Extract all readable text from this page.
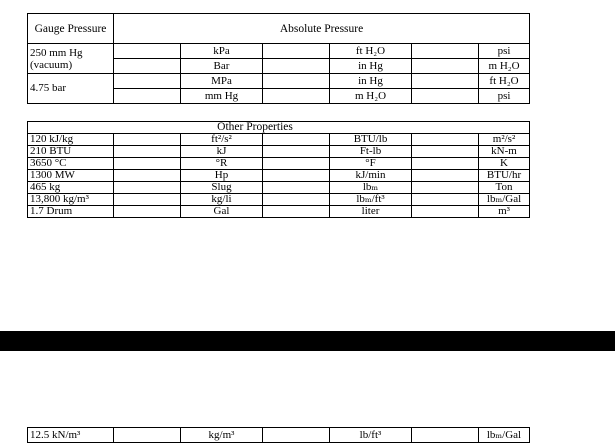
Gauge Pressure	Absolute Pressure					
250 mm Hg (vacuum)		kPa		ft H₂O		psi
		Bar		in Hg		m H₂O
4.75 bar		MPa		in Hg		ft H₂O
		mm Hg		m H₂O		psi
		Other Properties				
120 kJ/kg		ft²/s²		BTU/lb		m²/s²
210 BTU		kJ		Ft-lb		kN-m
3650 °C		°R		°F		K
1300 MW		Hp		kJ/min		BTU/hr
465 kg		Slug		lbₘ		Ton
13,800 kg/m³		kg/li		lbₘ/ft³		lbₘ/Gal
1.7 Drum		Gal		liter		m³
12.5 kN/m³		kg/m³		lb/ft³		lbₘ/Gal
